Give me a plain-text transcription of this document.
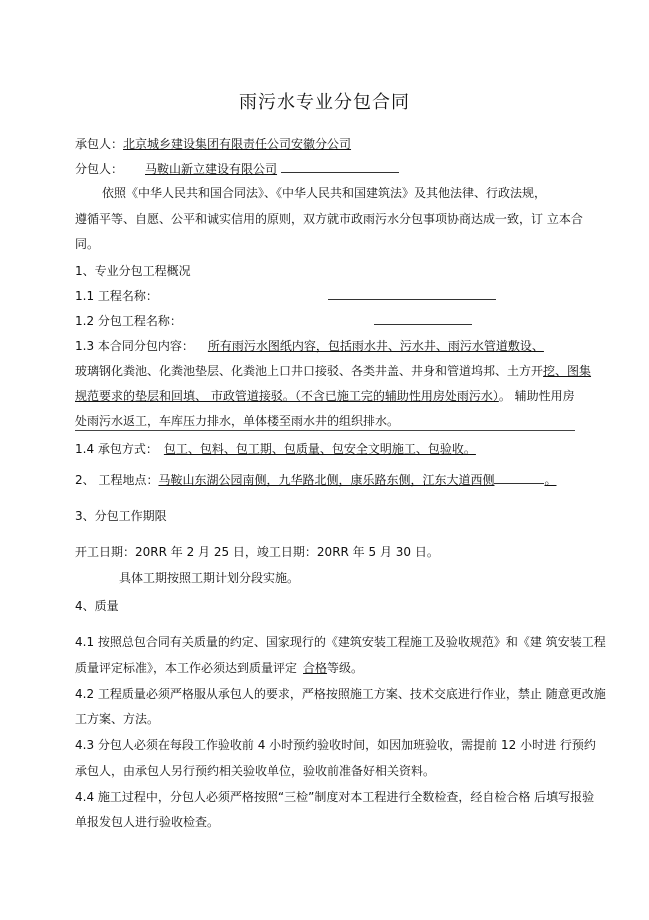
雨污水专业分包合同
承包人：北京城乡建设集团有限责任公司安徽分公司
分包人： 马鞍山新立建设有限公司
依照《中华人民共和国合同法》、《中华人民共和国建筑法》及其他法律、行政法规，
遵循平等、自愿、公平和诚实信用的原则，双方就市政雨污水分包事项协商达成一致，订 立本合
同。
1、专业分包工程概况
1.1 工程名称：
1.2 分包工程名称：
1.3 本合同分包内容： 所有雨污水图纸内容，包括雨水井、污水井、雨污水管道敷设、
玻璃钢化粪池、化粪池垫层、化粪池上口井口接驳、各类井盖、井身和管道坞邦、土方开挖、图集
规范要求的垫层和回填、 市政管道接驳。（不含已施工完的辅助性用房处雨污水）。 辅助性用房
处雨污水返工，车库压力排水，单体楼至雨水井的组织排水。
1.4 承包方式： 包工、包料、包工期、包质量、包安全文明施工、包验收。
2、 工程地点：马鞍山东湖公园南侧，九华路北侧，康乐路东侧，江东大道西侧	。
3、分包工作期限
开工日期：20RR 年 2 月 25 日，竣工日期：20RR 年 5 月 30 日。
具体工期按照工期计划分段实施。
4、质量
4.1 按照总包合同有关质量的约定、国家现行的《建筑安装工程施工及验收规范》和《建 筑安装工程
质量评定标准》，本工作必须达到质量评定 合格等级。
4.2 工程质量必须严格服从承包人的要求，严格按照施工方案、技术交底进行作业，禁止 随意更改施
工方案、方法。
4.3 分包人必须在每段工作验收前 4 小时预约验收时间，如因加班验收，需提前 12 小时进 行预约
承包人，由承包人另行预约相关验收单位，验收前准备好相关资料。
4.4 施工过程中，分包人必须严格按照“三检”制度对本工程进行全数检查，经自检合格 后填写报验
单报发包人进行验收检查。
